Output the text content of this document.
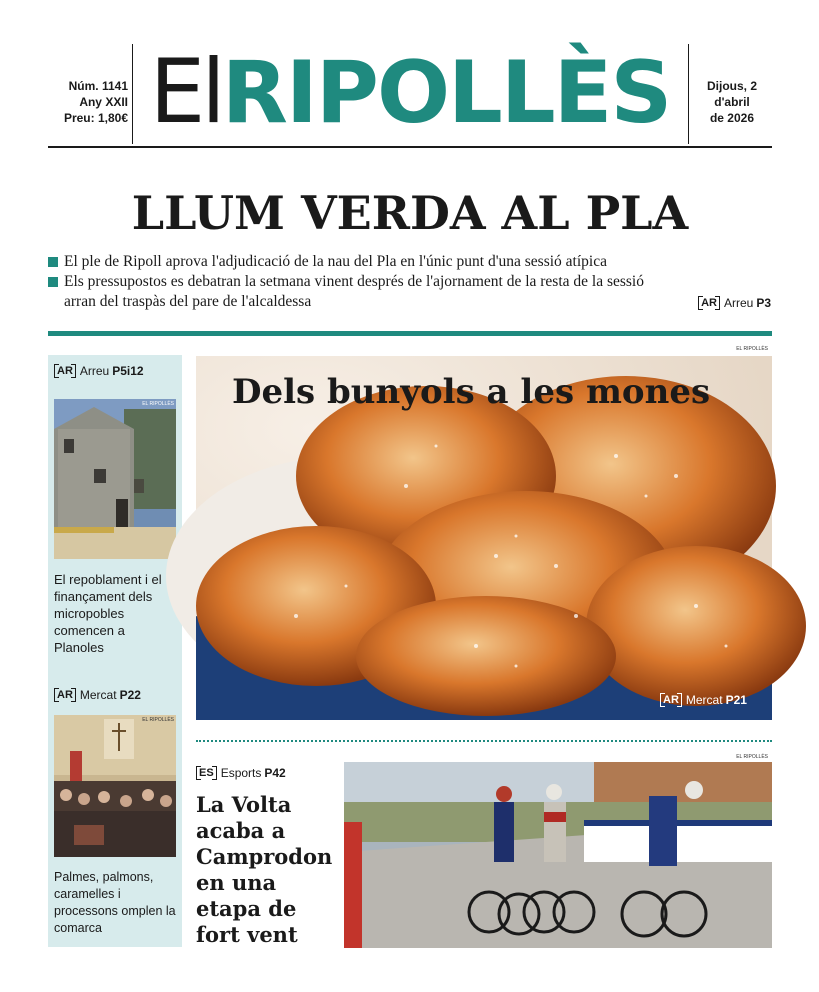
Núm. 1141
Any XXII
Preu: 1,80€ ElRIPOLLÈS	Dijous, 2
d'abril
de 2026
LLUM VERDA AL PLA
El ple de Ripoll aprova l'adjudicació de la nau del Pla en l'únic punt d'una sessió atípica
Els pressupostos es debatran la setmana vinent després de l'ajornament de la resta de la sessió arran del traspàs del pare de l'alcaldessa	AR Arreu P3
AR Arreu P5i12
EL RIPOLLÈS
El repoblament i el finançament dels micropobles comencen a Planoles
AR Mercat P22
EL RIPOLLÈS
Palmes, palmons, caramelles i processons omplen la comarca
EL RIPOLLÈS
Dels bunyols a les mones
AR Mercat P21
ES Esports P42
La Volta acaba a Camprodon en una etapa de fort vent
EL RIPOLLÈS
